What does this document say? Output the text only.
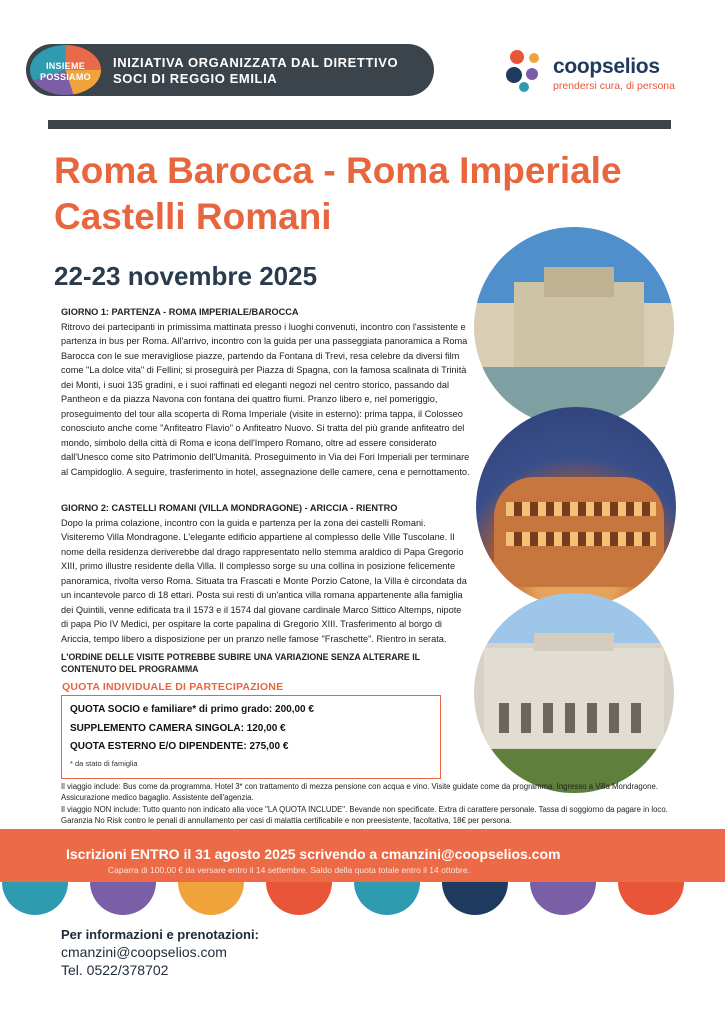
INSIEME
POSSIAMO
INIZIATIVA ORGANIZZATA DAL DIRETTIVO
SOCI DI REGGIO EMILIA
coopselios
prendersi cura, di persona
Roma Barocca - Roma Imperiale
Castelli Romani
22-23 novembre 2025
GIORNO 1: PARTENZA - ROMA IMPERIALE/BAROCCA

Ritrovo dei partecipanti in primissima mattinata presso i luoghi convenuti, incontro con l'assistente e partenza in bus per Roma. All'arrivo, incontro con la guida per una passeggiata panoramica a Roma Barocca con le sue meravigliose piazze, partendo da Fontana di Trevi, resa celebre da diversi film come "La dolce vita" di Fellini; si proseguirà per Piazza di Spagna, con la famosa scalinata di Trinità dei Monti, i suoi 135 gradini, e i suoi raffinati ed eleganti negozi nel centro storico, passando dal Pantheon e da piazza Navona con fontana dei quattro fiumi. Pranzo libero e, nel pomeriggio, proseguimento del tour alla scoperta di Roma Imperiale (visite in esterno): prima tappa, il Colosseo conosciuto anche come "Anfiteatro Flavio" o Anfiteatro Nuovo. Si tratta del più grande anfiteatro del mondo, simbolo della città di Roma e icona dell'Impero Romano, oltre ad essere considerato dall'Unesco come sito Patrimonio dell'Umanità. Proseguimento in Via dei Fori Imperiali per terminare al Campidoglio. A seguire, trasferimento in hotel, assegnazione delle camere, cena e pernottamento.

GIORNO 2: CASTELLI ROMANI (VILLA MONDRAGONE) - ARICCIA - RIENTRO

Dopo la prima colazione, incontro con la guida e partenza per la zona dei castelli Romani. Visiteremo Villa Mondragone. L'elegante edificio appartiene al complesso delle Ville Tuscolane. Il nome della residenza deriverebbe dal drago rappresentato nello stemma araldico di Papa Gregorio XIII, primo illustre residente della Villa. Il complesso sorge su una collina in posizione felicemente panoramica, rivolta verso Roma. Situata tra Frascati e Monte Porzio Catone, la Villa è circondata da un incantevole parco di 18 ettari. Posta sui resti di un'antica villa romana appartenente alla famiglia dei Quintili, venne edificata tra il 1573 e il 1574 dal giovane cardinale Marco Sittico Altemps, nipote di papa Pio IV Medici, per ospitare la corte papalina di Gregorio XIII. Trasferimento al borgo di Ariccia, tempo libero a disposizione per un pranzo nelle famose "Fraschette". Rientro in serata.

L'ORDINE DELLE VISITE POTREBBE SUBIRE UNA VARIAZIONE SENZA ALTERARE IL CONTENUTO DEL PROGRAMMA
QUOTA INDIVIDUALE DI PARTECIPAZIONE
QUOTA SOCIO e familiare* di primo grado: 200,00 €
SUPPLEMENTO CAMERA SINGOLA: 120,00 €
QUOTA ESTERNO E/O DIPENDENTE: 275,00 €
* da stato di famiglia

Il viaggio include: Bus come da programma. Hotel 3* con trattamento di mezza pensione con acqua e vino. Visite guidate come da programma. Ingresso a Villa Mondragone. Assicurazione medico bagaglio. Assistente dell'agenzia.

Il viaggio NON include: Tutto quanto non indicato alla voce "LA QUOTA INCLUDE". Bevande non specificate. Extra di carattere personale. Tassa di soggiorno da pagare in loco. Garanzia No Risk contro le penali di annullamento per casi di malattia certificabile e non preesistente, facoltativa, 18€ per persona.

Iscrizioni ENTRO il 31 agosto 2025 scrivendo a cmanzini@coopselios.com
Caparra di 100,00 € da versare entro il 14 settembre. Saldo della quota totale entro il 14 ottobre.
Per informazioni e prenotazioni:
cmanzini@coopselios.com
Tel. 0522/378702
